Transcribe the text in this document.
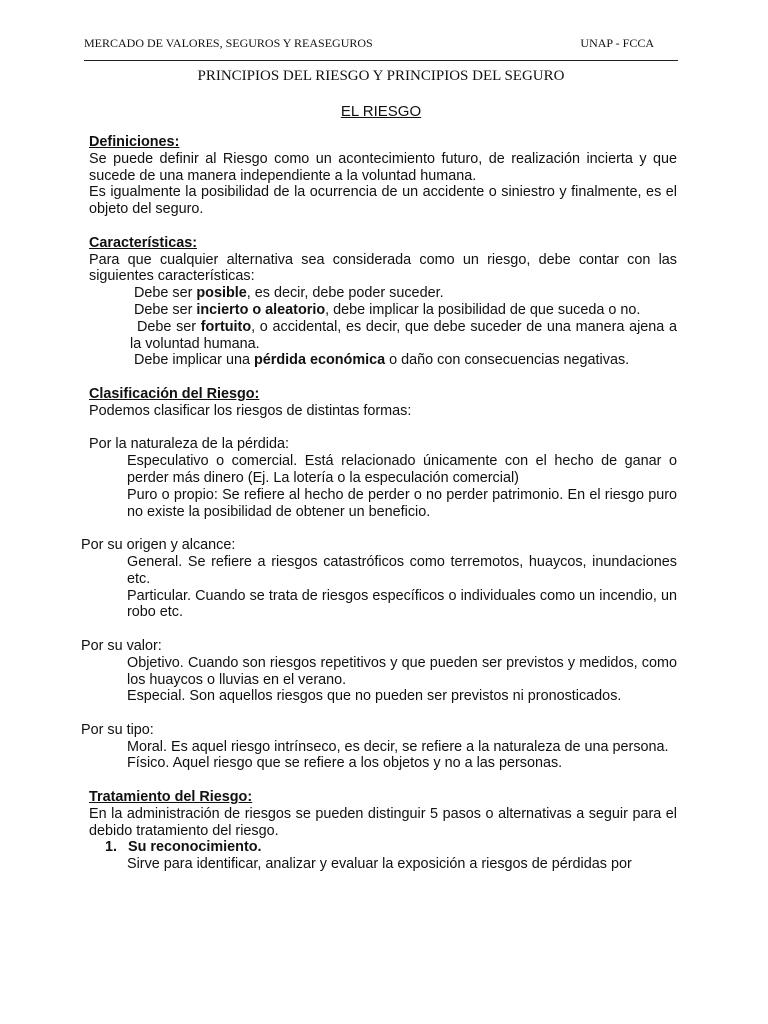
MERCADO DE VALORES, SEGUROS Y REASEGUROS	UNAP - FCCA
PRINCIPIOS DEL RIESGO Y PRINCIPIOS DEL SEGURO
EL RIESGO

Definiciones:

Se puede definir al Riesgo como un acontecimiento futuro, de realización incierta y que sucede de una manera independiente a la voluntad humana.

Es igualmente la posibilidad de la ocurrencia de un accidente o siniestro y finalmente, es el objeto del seguro.

Características:

Para que cualquier alternativa sea considerada como un riesgo, debe contar con las siguientes características:

Debe ser posible, es decir, debe poder suceder.

Debe ser incierto o aleatorio, debe implicar la posibilidad de que suceda o no.

Debe ser fortuito, o accidental, es decir, que debe suceder de una manera ajena a la voluntad humana.

Debe implicar una pérdida económica o daño con consecuencias negativas.

Clasificación del Riesgo:

Podemos clasificar los riesgos de distintas formas:

Por la naturaleza de la pérdida:

Especulativo o comercial. Está relacionado únicamente con el hecho de ganar o perder más dinero (Ej. La lotería o la especulación comercial)

Puro o propio: Se refiere al hecho de perder o no perder patrimonio. En el riesgo puro no existe la posibilidad de obtener un beneficio.

Por su origen y alcance:

General. Se refiere a riesgos catastróficos como terremotos, huaycos, inundaciones etc.

Particular. Cuando se trata de riesgos específicos o individuales como un incendio, un robo etc.

Por su valor:

Objetivo. Cuando son riesgos repetitivos y que pueden ser previstos y medidos, como los huaycos o lluvias en el verano.

Especial. Son aquellos riesgos que no pueden ser previstos ni pronosticados.

Por su tipo:

Moral. Es aquel riesgo intrínseco, es decir, se refiere a la naturaleza de una persona.

Físico. Aquel riesgo que se refiere a los objetos y no a las personas.

Tratamiento del Riesgo:

En la administración de riesgos se pueden distinguir 5 pasos o alternativas a seguir para el debido tratamiento del riesgo.

1. Su reconocimiento.

Sirve para identificar, analizar y evaluar la exposición a riesgos de pérdidas por
